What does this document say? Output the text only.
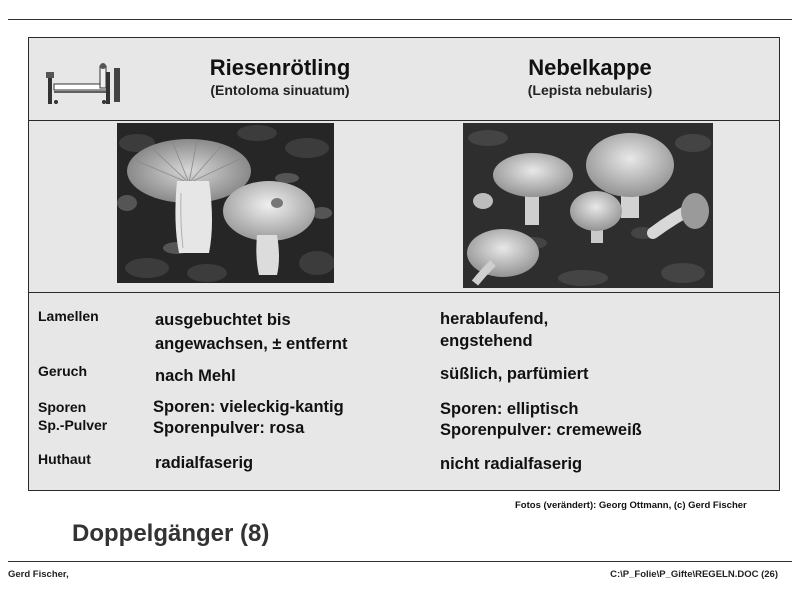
Riesenrötling
(Entoloma sinuatum)
Nebelkappe
(Lepista nebularis)
Lamellen
Geruch
Sporen
Sp.-Pulver
Huthaut
ausgebuchtet bis
angewachsen, ± entfernt
nach Mehl
Sporen: vieleckig-kantig
Sporenpulver: rosa
radialfaserig
herablaufend,
engstehend
süßlich, parfümiert
Sporen: elliptisch
Sporenpulver: cremeweiß
nicht radialfaserig
Fotos (verändert): Georg Ottmann, (c) Gerd Fischer
Doppelgänger (8)
Gerd Fischer,	C:\P_Folie\P_Gifte\REGELN.DOC (26)
